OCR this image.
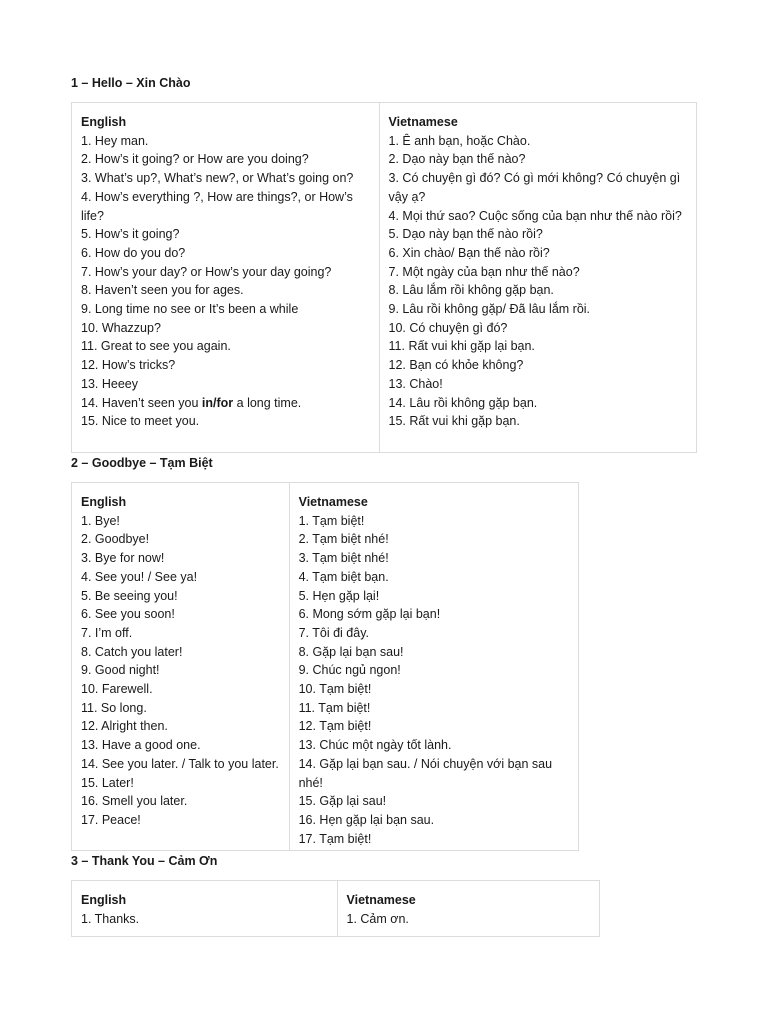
1 – Hello – Xin Chào
English
1. Hey man.
2. How’s it going? or How are you doing?
3. What’s up?, What’s new?, or What’s going on?
4. How’s everything ?, How are things?, or How’s life?
5. How’s it going?
6. How do you do?
7. How’s your day? or How’s your day going?
8. Haven’t seen you for ages.
9. Long time no see or It’s been a while
10. Whazzup?
11. Great to see you again.
12. How’s tricks?
13. Heeey
14. Haven’t seen you in/for a long time.
15. Nice to meet you.
Vietnamese
1. Ê anh bạn, hoặc Chào.
2. Dạo này bạn thế nào?
3. Có chuyện gì đó? Có gì mới không? Có chuyện gì vậy ạ?
4. Mọi thứ sao? Cuộc sống của bạn như thế nào rồi?
5. Dạo này bạn thế nào rồi?
6. Xin chào/ Bạn thế nào rồi?
7. Một ngày của bạn như thế nào?
8. Lâu lắm rồi không gặp bạn.
9. Lâu rồi không gặp/ Đã lâu lắm rồi.
10. Có chuyện gì đó?
11. Rất vui khi gặp lại bạn.
12. Bạn có khỏe không?
13. Chào!
14. Lâu rồi không gặp bạn.
15. Rất vui khi gặp bạn.
2 – Goodbye – Tạm Biệt
English
1. Bye!
2. Goodbye!
3. Bye for now!
4. See you! / See ya!
5. Be seeing you!
6. See you soon!
7. I’m off.
8. Catch you later!
9. Good night!
10. Farewell.
11. So long.
12. Alright then.
13. Have a good one.
14. See you later. / Talk to you later.
15. Later!
16. Smell you later.
17. Peace!
Vietnamese
1. Tạm biệt!
2. Tạm biệt nhé!
3. Tạm biệt nhé!
4. Tạm biệt bạn.
5. Hẹn gặp lại!
6. Mong sớm gặp lại bạn!
7. Tôi đi đây.
8. Gặp lại bạn sau!
9. Chúc ngủ ngon!
10. Tạm biệt!
11. Tạm biệt!
12. Tạm biệt!
13. Chúc một ngày tốt lành.
14. Gặp lại bạn sau. / Nói chuyện với bạn sau nhé!
15. Gặp lại sau!
16. Hẹn gặp lại bạn sau.
17. Tạm biệt!
3 – Thank You – Cảm Ơn
English
1. Thanks.
Vietnamese
1. Cảm ơn.
